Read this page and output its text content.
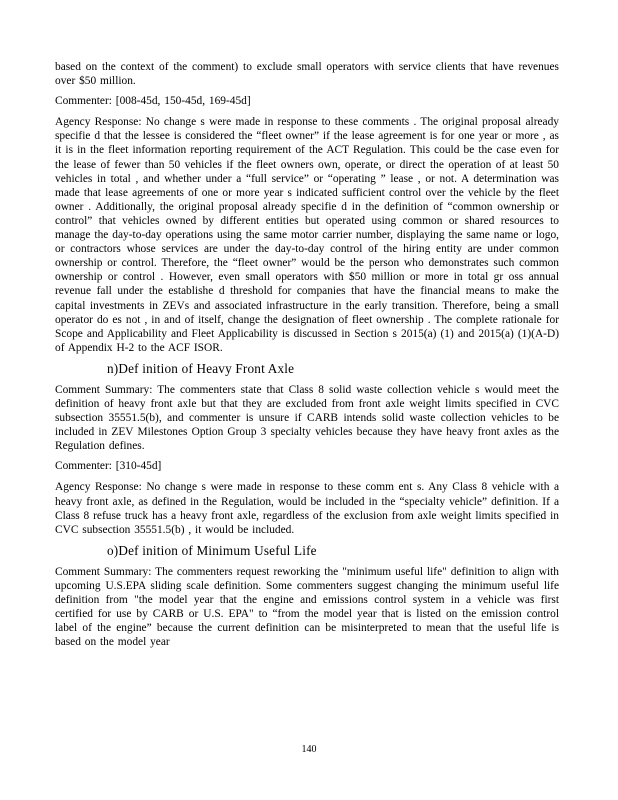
based on the context of the comment) to exclude small operators with service clients that have revenues over $50 million.

Commenter: [008-45d, 150-45d, 169-45d]

Agency Response: No change s were made in response to these comments . The original proposal already specifie d that the lessee is considered the “fleet owner” if the lease agreement is for one year or more , as it is in the fleet information reporting requirement of the ACT Regulation. This could be the case even for the lease of fewer than 50 vehicles if the fleet owners own, operate, or direct the operation of at least 50 vehicles in total , and whether under a “full service” or “operating ” lease , or not. A determination was made that lease agreements of one or more year s indicated sufficient control over the vehicle by the fleet owner . Additionally, the original proposal already specifie d in the definition of “common ownership or control” that vehicles owned by different entities but operated using common or shared resources to manage the day-to-day operations using the same motor carrier number, displaying the same name or logo, or contractors whose services are under the day-to-day control of the hiring entity are under common ownership or control. Therefore, the “fleet owner” would be the person who demonstrates such common ownership or control . However, even small operators with $50 million or more in total gr oss annual revenue fall under the establishe d threshold for companies that have the financial means to make the capital investments in ZEVs and associated infrastructure in the early transition. Therefore, being a small operator do es not , in and of itself, change the designation of fleet ownership . The complete rationale for Scope and Applicability and Fleet Applicability is discussed in Section s 2015(a) (1) and 2015(a) (1)(A-D) of Appendix H-2 to the ACF ISOR.

n)Def inition of Heavy Front Axle

Comment Summary: The commenters state that Class 8 solid waste collection vehicle s would meet the definition of heavy front axle but that they are excluded from front axle weight limits specified in CVC subsection 35551.5(b), and commenter is unsure if CARB intends solid waste collection vehicles to be included in ZEV Milestones Option Group 3 specialty vehicles because they have heavy front axles as the Regulation defines.

Commenter: [310-45d]

Agency Response: No change s were made in response to these comm ent s. Any Class 8 vehicle with a heavy front axle, as defined in the Regulation, would be included in the “specialty vehicle” definition. If a Class 8 refuse truck has a heavy front axle, regardless of the exclusion from axle weight limits specified in CVC subsection 35551.5(b) , it would be included.

o)Def inition of Minimum Useful Life

Comment Summary: The commenters request reworking the "minimum useful life" definition to align with upcoming U.S.EPA sliding scale definition. Some commenters suggest changing the minimum useful life definition from "the model year that the engine and emissions control system in a vehicle was first certified for use by CARB or U.S. EPA" to “from the model year that is listed on the emission control label of the engine” because the current definition can be misinterpreted to mean that the useful life is based on the model year

140
